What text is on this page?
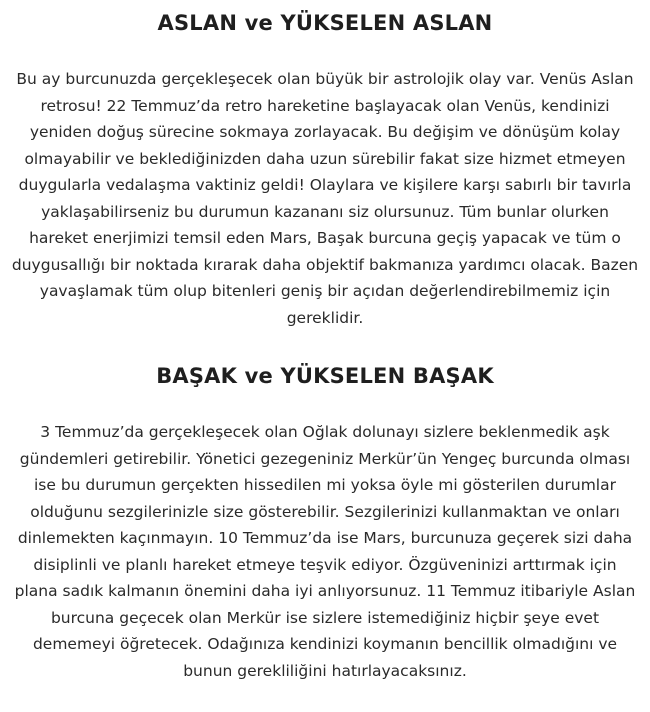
ASLAN ve YÜKSELEN ASLAN

Bu ay burcunuzda gerçekleşecek olan büyük bir astrolojik olay var. Venüs Aslan retrosu! 22 Temmuz’da retro hareketine başlayacak olan Venüs, kendinizi yeniden doğuş sürecine sokmaya zorlayacak. Bu değişim ve dönüşüm kolay olmayabilir ve beklediğinizden daha uzun sürebilir fakat size hizmet etmeyen duygularla vedalaşma vaktiniz geldi! Olaylara ve kişilere karşı sabırlı bir tavırla yaklaşabilirseniz bu durumun kazananı siz olursunuz. Tüm bunlar olurken hareket enerjimizi temsil eden Mars, Başak burcuna geçiş yapacak ve tüm o duygusallığı bir noktada kırarak daha objektif bakmanıza yardımcı olacak. Bazen yavaşlamak tüm olup bitenleri geniş bir açıdan değerlendirebilmemiz için gereklidir.

BAŞAK ve YÜKSELEN BAŞAK

3 Temmuz’da gerçekleşecek olan Oğlak dolunayı sizlere beklenmedik aşk gündemleri getirebilir. Yönetici gezegeniniz Merkür’ün Yengeç burcunda olması ise bu durumun gerçekten hissedilen mi yoksa öyle mi gösterilen durumlar olduğunu sezgilerinizle size gösterebilir. Sezgilerinizi kullanmaktan ve onları dinlemekten kaçınmayın. 10 Temmuz’da ise Mars, burcunuza geçerek sizi daha disiplinli ve planlı hareket etmeye teşvik ediyor. Özgüveninizi arttırmak için plana sadık kalmanın önemini daha iyi anlıyorsunuz. 11 Temmuz itibariyle Aslan burcuna geçecek olan Merkür ise sizlere istemediğiniz hiçbir şeye evet dememeyi öğretecek. Odağınıza kendinizi koymanın bencillik olmadığını ve bunun gerekliliğini hatırlayacaksınız.
